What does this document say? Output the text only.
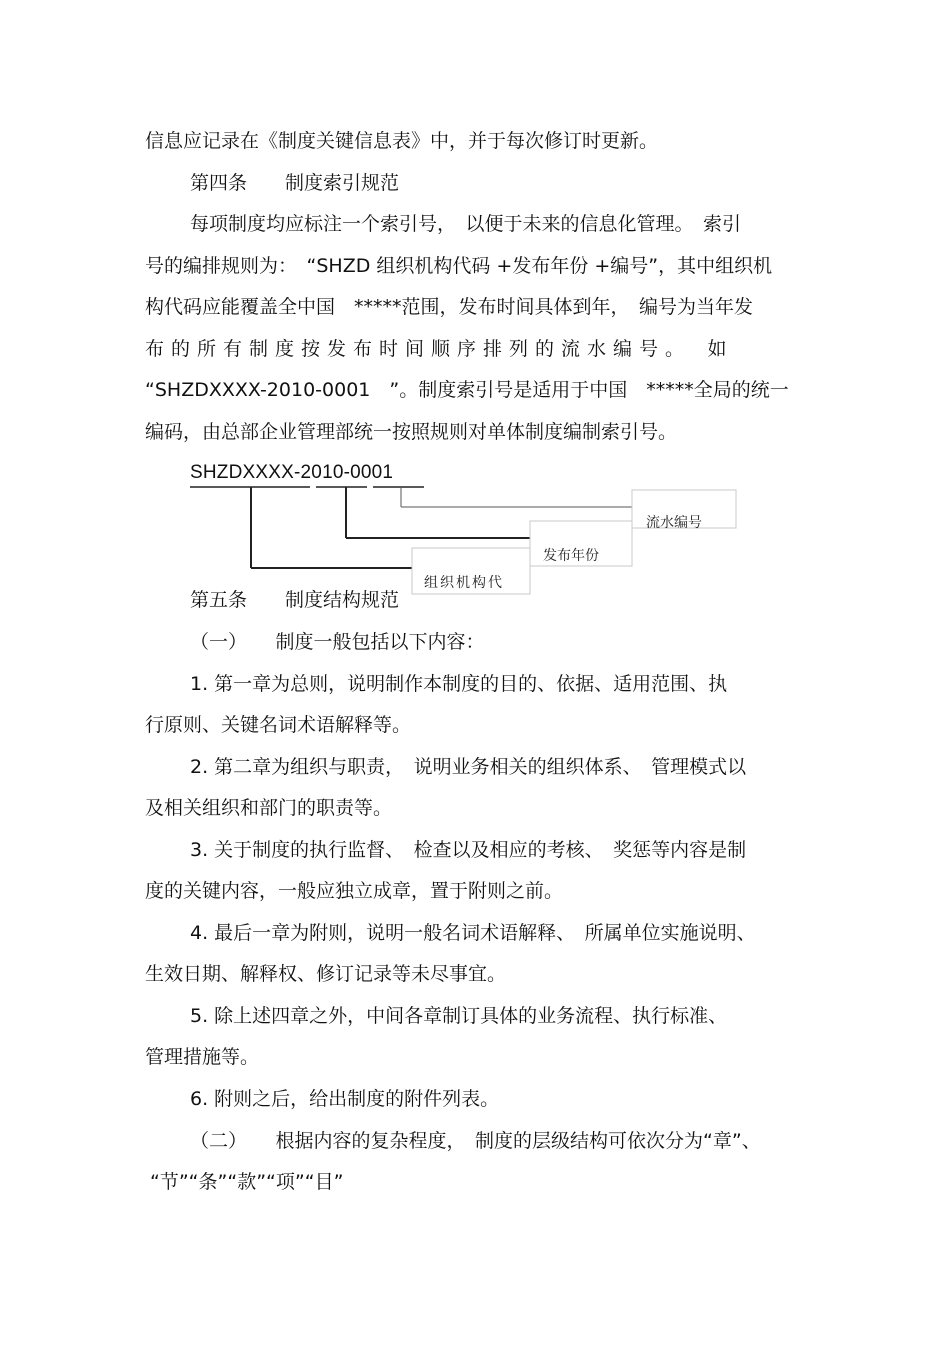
信息应记录在《制度关键信息表》中，并于每次修订时更新。
第四条　　制度索引规范
每项制度均应标注一个索引号，　以便于未来的信息化管理。　索引
号的编排规则为：　“SHZD 组织机构代码 +发布年份 +编号”，其中组织机
构代码应能覆盖全中国　*****范围，发布时间具体到年，　编号为当年发
布的所有制度按发布时间顺序排列的流水编号。　如
“SHZDXXXX-2010-0001　”。制度索引号是适用于中国　*****全局的统一
编码，由总部企业管理部统一按照规则对单体制度编制索引号。
SHZDXXXX-2010-0001
流水编号
发布年份
组织机构代
第五条　　制度结构规范
（一）　　制度一般包括以下内容：
1. 第一章为总则，说明制作本制度的目的、依据、适用范围、执
行原则、关键名词术语解释等。
2. 第二章为组织与职责，　说明业务相关的组织体系、　管理模式以
及相关组织和部门的职责等。
3. 关于制度的执行监督、　检查以及相应的考核、　奖惩等内容是制
度的关键内容，一般应独立成章，置于附则之前。
4. 最后一章为附则，说明一般名词术语解释、　所属单位实施说明、
生效日期、解释权、修订记录等未尽事宜。
5. 除上述四章之外，中间各章制订具体的业务流程、执行标准、
管理措施等。
6. 附则之后，给出制度的附件列表。
（二）　　根据内容的复杂程度，　制度的层级结构可依次分为“章”、
“节”“条”“款”“项”“目”
